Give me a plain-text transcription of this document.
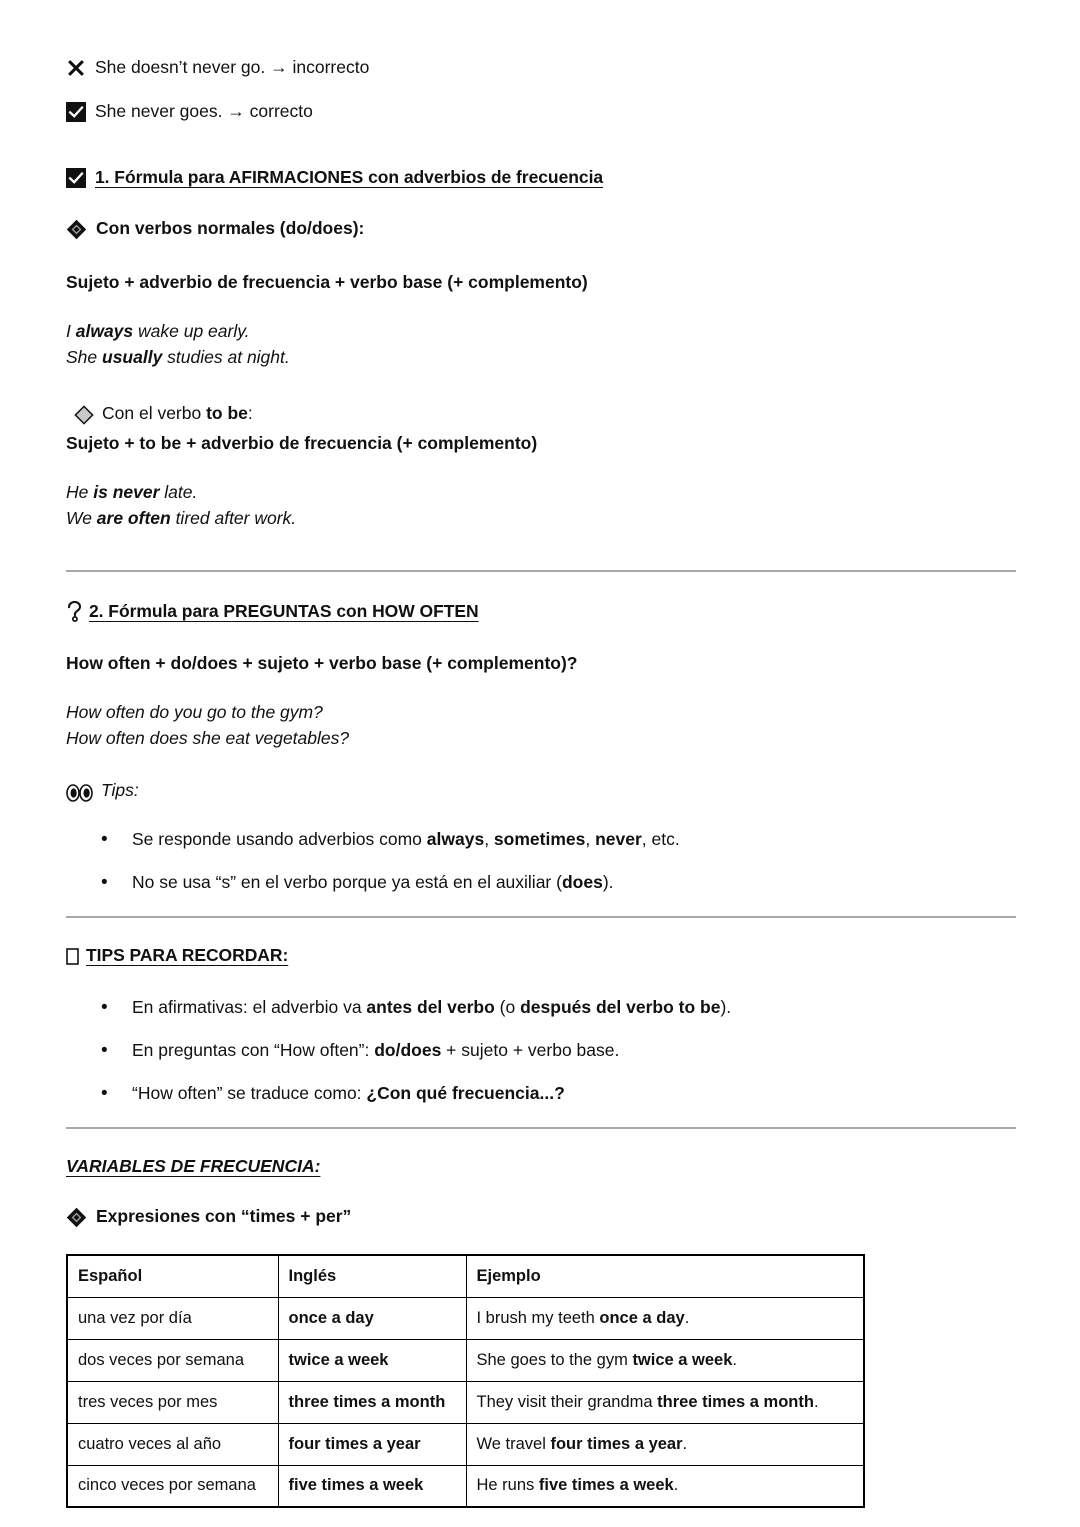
She doesn’t never go. → incorrecto
She never goes. → correcto
1. Fórmula para AFIRMACIONES con adverbios de frecuencia
Con verbos normales (do/does):
Sujeto + adverbio de frecuencia + verbo base (+ complemento)
I always wake up early.
She usually studies at night.
Con el verbo to be:
Sujeto + to be + adverbio de frecuencia (+ complemento)
He is never late.
We are often tired after work.
2. Fórmula para PREGUNTAS con HOW OFTEN
How often + do/does + sujeto + verbo base (+ complemento)?
How often do you go to the gym?
How often does she eat vegetables?
Tips:
• Se responde usando adverbios como always, sometimes, never, etc.
• No se usa “s” en el verbo porque ya está en el auxiliar (does).
TIPS PARA RECORDAR:
• En afirmativas: el adverbio va antes del verbo (o después del verbo to be).
• En preguntas con “How often”: do/does + sujeto + verbo base.
• “How often” se traduce como: ¿Con qué frecuencia...?
VARIABLES DE FRECUENCIA:
Expresiones con “times + per”
Español	Inglés	Ejemplo
una vez por día	once a day	I brush my teeth once a day.
dos veces por semana	twice a week	She goes to the gym twice a week.
tres veces por mes	three times a month	They visit their grandma three times a month.
cuatro veces al año	four times a year	We travel four times a year.
cinco veces por semana	five times a week	He runs five times a week.
